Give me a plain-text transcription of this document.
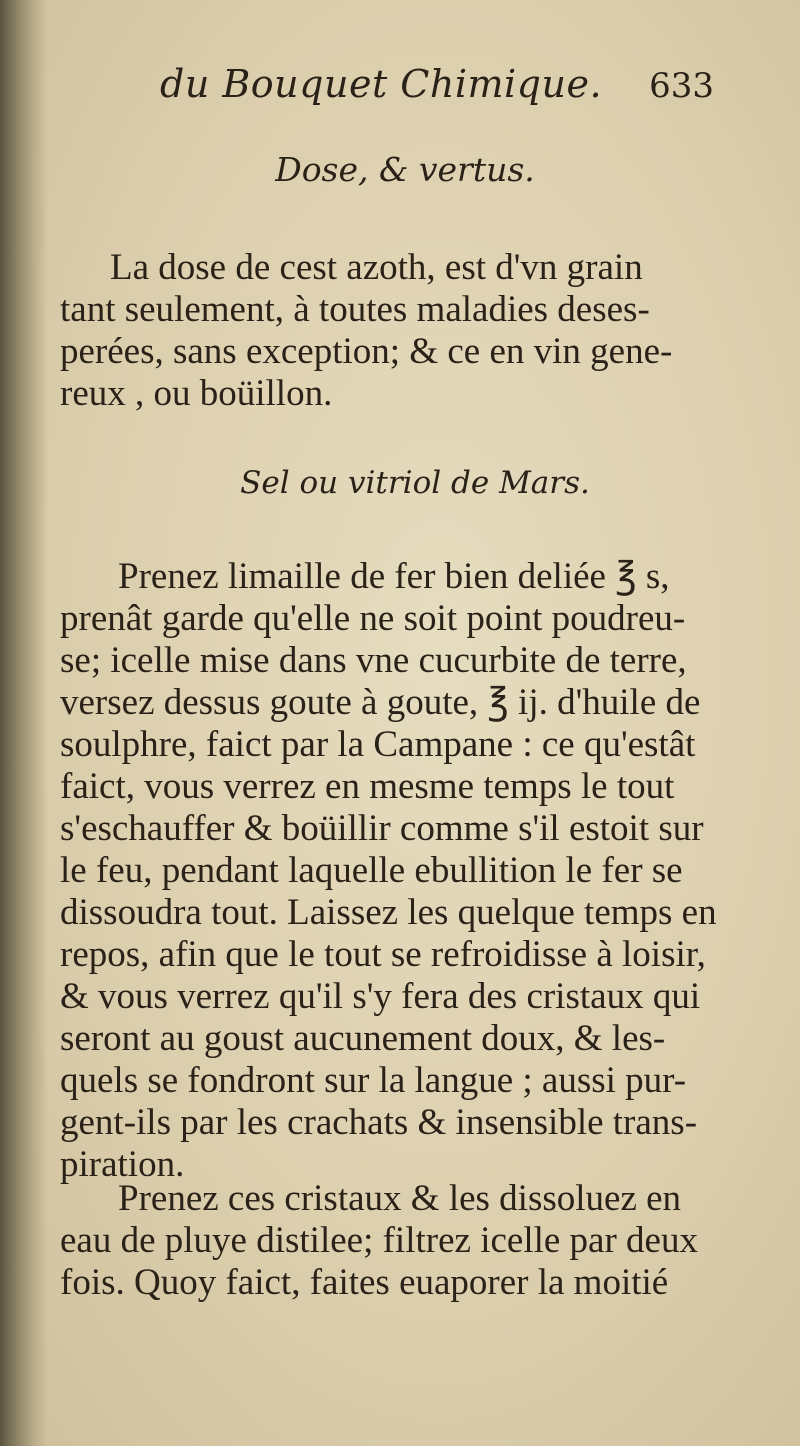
du Bouquet Chimique. 633
Dose, & vertus.
La dose de cest azoth, est d'vn grain
tant seulement, à toutes maladies deses-
perées, sans exception; & ce en vin gene-
reux , ou boüillon.
Sel ou vitriol de Mars.
Prenez limaille de fer bien deliée ℥ s,
prenât garde qu'elle ne soit point poudreu-
se; icelle mise dans vne cucurbite de terre,
versez dessus goute à goute, ℥ ij. d'huile de
soulphre, faict par la Campane : ce qu'estât
faict, vous verrez en mesme temps le tout
s'eschauffer & boüillir comme s'il estoit sur
le feu, pendant laquelle ebullition le fer se
dissoudra tout. Laissez les quelque temps en
repos, afin que le tout se refroidisse à loisir,
& vous verrez qu'il s'y fera des cristaux qui
seront au goust aucunement doux, & les-
quels se fondront sur la langue ; aussi pur-
gent-ils par les crachats & insensible trans-
piration.
Prenez ces cristaux & les dissoluez en
eau de pluye distilee; filtrez icelle par deux
fois. Quoy faict, faites euaporer la moitié
